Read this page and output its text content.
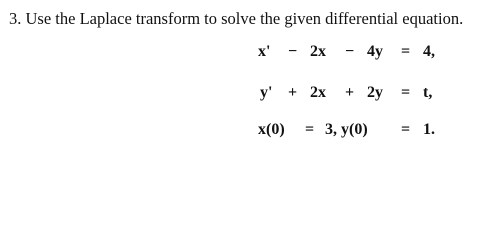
3. Use the Laplace transform to solve the given differential equation.
x' − 2x − 4y = 4,
y' + 2x + 2y = t,
x(0) = 3, y(0) = 1.
